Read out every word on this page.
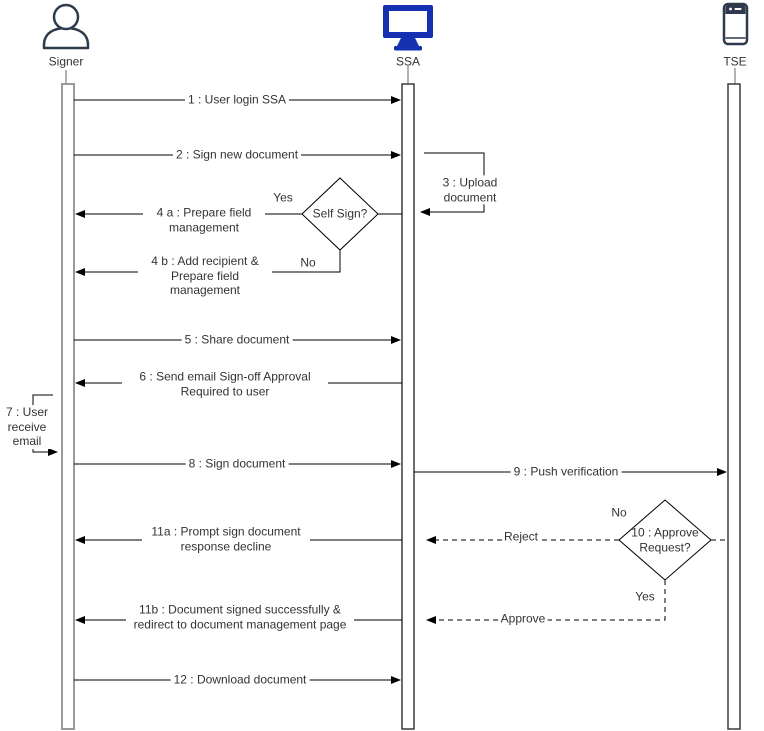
Signer	SSA	TSE
1 : User login SSA
2 : Sign new document
3 : Upload document
4 a : Prepare field management
4 b : Add recipient & Prepare field management
5 : Share document
6 : Send email Sign-off Approval Required to user
7 : User receive email
8 : Sign document
9 : Push verification
11a : Prompt sign document response decline
11b : Document signed successfully & redirect to document management page
12 : Download document
Self Sign?
Yes
No
10 : Approve Request?
No
Yes
Reject
Approve
